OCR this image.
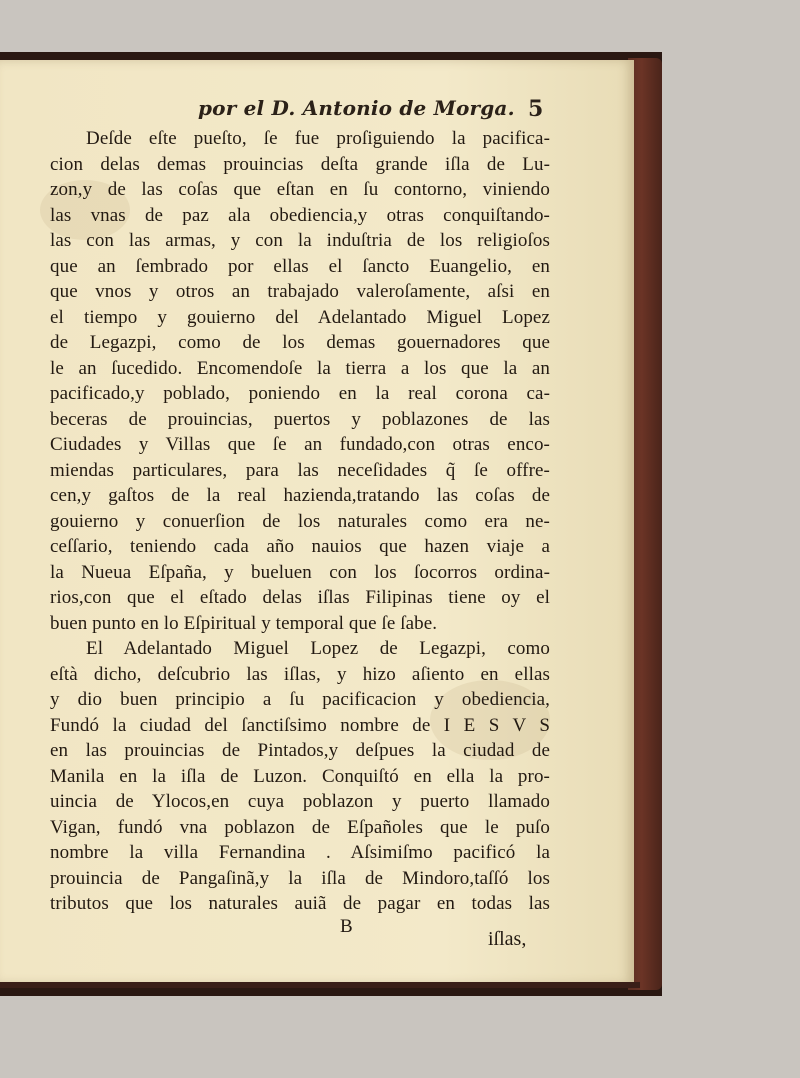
por el D. Antonio de Morga. 5
Deſde eſte pueſto, ſe fue proſiguiendo la pacifica-
cion delas demas prouincias deſta grande iſla de Lu-
zon,y de las coſas que eſtan en ſu contorno, viniendo
las vnas de paz ala obediencia,y otras conquiſtando-
las con las armas, y con la induſtria de los religioſos
que an ſembrado por ellas el ſancto Euangelio, en
que vnos y otros an trabajado valeroſamente, aſsi en
el tiempo y gouierno del Adelantado Miguel Lopez
de Legazpi, como de los demas gouernadores que
le an ſucedido. Encomendoſe la tierra a los que la an
pacificado,y poblado, poniendo en la real corona ca-
beceras de prouincias, puertos y poblazones de las
Ciudades y Villas que ſe an fundado,con otras enco-
miendas particulares, para las neceſidades q̃ ſe offre-
cen,y gaſtos de la real hazienda,tratando las coſas de
gouierno y conuerſion de los naturales como era ne-
ceſſario, teniendo cada año nauios que hazen viaje a
la Nueua Eſpaña, y bueluen con los ſocorros ordina-
rios,con que el eſtado delas iſlas Filipinas tiene oy el
buen punto en lo Eſpiritual y temporal que ſe ſabe.
El Adelantado Miguel Lopez de Legazpi, como
eſtà dicho, deſcubrio las iſlas, y hizo aſiento en ellas
y dio buen principio a ſu pacificacion y obediencia,
Fundó la ciudad del ſanctiſsimo nombre de I E S V S
en las prouincias de Pintados,y deſpues la ciudad de
Manila en la iſla de Luzon. Conquiſtó en ella la pro-
uincia de Ylocos,en cuya poblazon y puerto llamado
Vigan, fundó vna poblazon de Eſpañoles que le puſo
nombre la villa Fernandina . Aſsimiſmo pacificó la
prouincia de Pangaſinã,y la iſla de Mindoro,taſſó los
tributos que los naturales auiã de pagar en todas las
B
iſlas,
